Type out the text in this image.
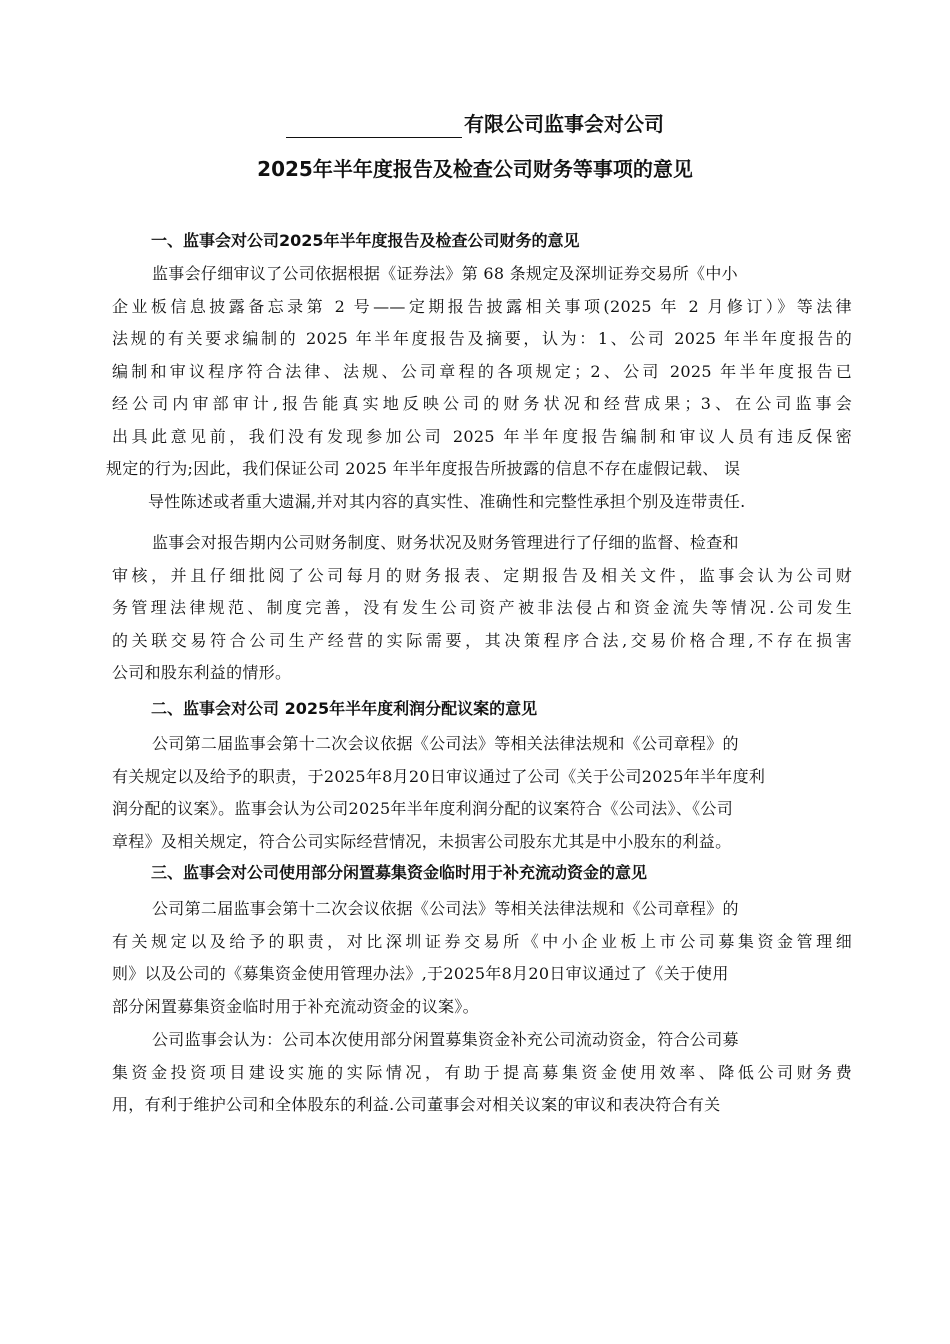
有限公司监事会对公司
2025年半年度报告及检查公司财务等事项的意见
一、监事会对公司2025年半年度报告及检查公司财务的意见
监事会仔细审议了公司依据根据《证券法》第 68 条规定及深圳证券交易所《中小
企业板信息披露备忘录第 2 号——定期报告披露相关事项(2025 年 2 月修订）》等法律
法规的有关要求编制的 2025 年半年度报告及摘要，认为：1、公司 2025 年半年度报告的
编制和审议程序符合法律、法规、公司章程的各项规定；2、公司 2025 年半年度报告已
经公司内审部审计,报告能真实地反映公司的财务状况和经营成果；3、在公司监事会
出具此意见前，我们没有发现参加公司 2025 年半年度报告编制和审议人员有违反保密
规定的行为;因此，我们保证公司 2025 年半年度报告所披露的信息不存在虚假记载、 误
导性陈述或者重大遗漏,并对其内容的真实性、准确性和完整性承担个别及连带责任.
监事会对报告期内公司财务制度、财务状况及财务管理进行了仔细的监督、检查和
审核，并且仔细批阅了公司每月的财务报表、定期报告及相关文件，监事会认为公司财
务管理法律规范、制度完善，没有发生公司资产被非法侵占和资金流失等情况.公司发生
的关联交易符合公司生产经营的实际需要，其决策程序合法,交易价格合理,不存在损害
公司和股东利益的情形。
二、监事会对公司 2025年半年度利润分配议案的意见
公司第二届监事会第十二次会议依据《公司法》等相关法律法规和《公司章程》的
有关规定以及给予的职责，于2025年8月20日审议通过了公司《关于公司2025年半年度利
润分配的议案》。监事会认为公司2025年半年度利润分配的议案符合《公司法》、《公司
章程》及相关规定，符合公司实际经营情况，未损害公司股东尤其是中小股东的利益。
三、监事会对公司使用部分闲置募集资金临时用于补充流动资金的意见
公司第二届监事会第十二次会议依据《公司法》等相关法律法规和《公司章程》的
有关规定以及给予的职责，对比深圳证券交易所《中小企业板上市公司募集资金管理细
则》以及公司的《募集资金使用管理办法》,于2025年8月20日审议通过了《关于使用
部分闲置募集资金临时用于补充流动资金的议案》。
公司监事会认为：公司本次使用部分闲置募集资金补充公司流动资金，符合公司募
集资金投资项目建设实施的实际情况，有助于提高募集资金使用效率、降低公司财务费
用，有利于维护公司和全体股东的利益.公司董事会对相关议案的审议和表决符合有关
